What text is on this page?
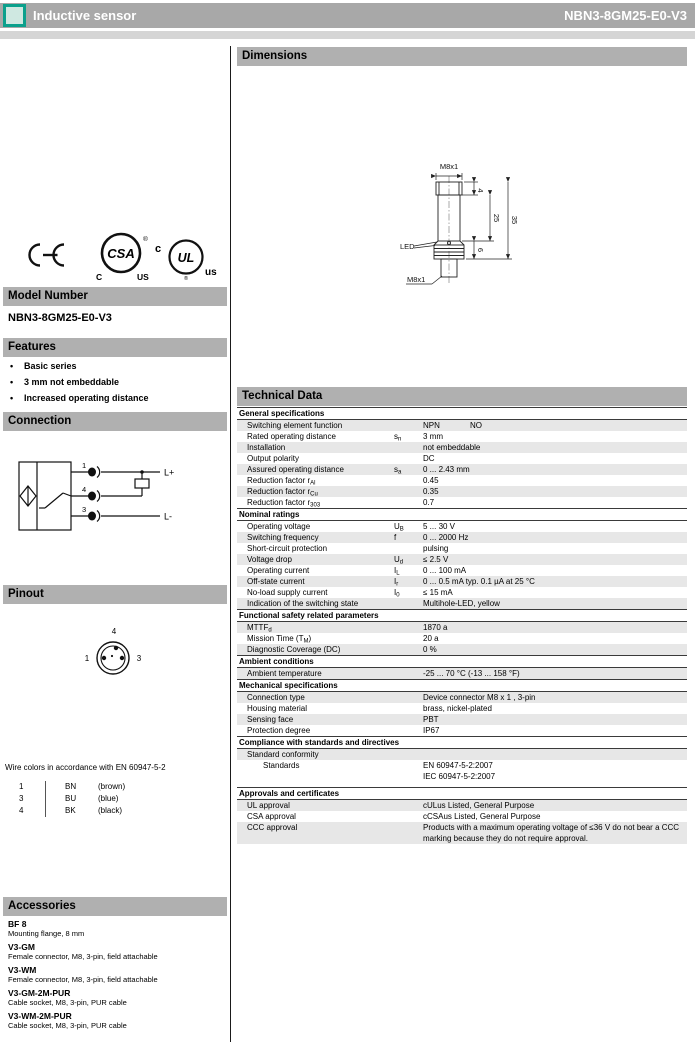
Inductive sensor	NBN3-8GM25-E0-V3
CSA
®
C	US
c
UL
us
®
Model Number
NBN3-8GM25-E0-V3
Features
• Basic series
• 3 mm not embeddable
• Increased operating distance
Connection
1
4
3
L+
L-
Pinout
4
1	3
Wire colors in accordance with EN 60947-5-2
1	BN	(brown)
3	BU	(blue)
4	BK	(black)
Accessories
BF 8
Mounting flange, 8 mm
V3-GM
Female connector, M8, 3-pin, field attachable
V3-WM
Female connector, M8, 3-pin, field attachable
V3-GM-2M-PUR
Cable socket, M8, 3-pin, PUR cable
V3-WM-2M-PUR
Cable socket, M8, 3-pin, PUR cable
Dimensions
M8x1
4
25 35
6
LED
M8x1
Technical Data
General specifications
Switching element function	NPN	NO
Rated operating distance	$s_n$	3 mm
Installation	not embeddable
Output polarity	DC
Assured operating distance	$s_a$	0 ... 2.43 mm
Reduction factor $r_{Al}$	0.45
Reduction factor $r_{Cu}$	0.35
Reduction factor $r_{303}$	0.7
Nominal ratings
Operating voltage	$U_B$ 5 ... 30 V
Switching frequency	f	0 ... 2000 Hz
Short-circuit protection	pulsing
Voltage drop	$U_d \le 2.5$ V
Operating current	$I_L$	0 ... 100 mA
Off-state current	$I_r$	0 ... 0.5 mA typ. 0.1 µA at 25 °C
No-load supply current	$I_0$	≤ 15 mA
Indication of the switching state	Multihole-LED, yellow
Functional safety related parameters
$MTTF_d$	1870 a
Mission Time $(T_M)$	20 a
Diagnostic Coverage (DC)	0 %
Ambient conditions
Ambient temperature	-25 ... 70 °C (-13 ... 158 °F)
Mechanical specifications
Connection type	Device connector M8 x 1 , 3-pin
Housing material	brass, nickel-plated
Sensing face	PBT
Protection degree	IP67
Compliance with standards and directives
Standard conformity
Standards	EN 60947-5-2:2007
IEC 60947-5-2:2007
Approvals and certificates
UL approval	cULus Listed, General Purpose
CSA approval	cCSAus Listed, General Purpose
CCC approval	Products with a maximum operating voltage of ≤36 V do not bear a CCC marking because they do not require approval.
